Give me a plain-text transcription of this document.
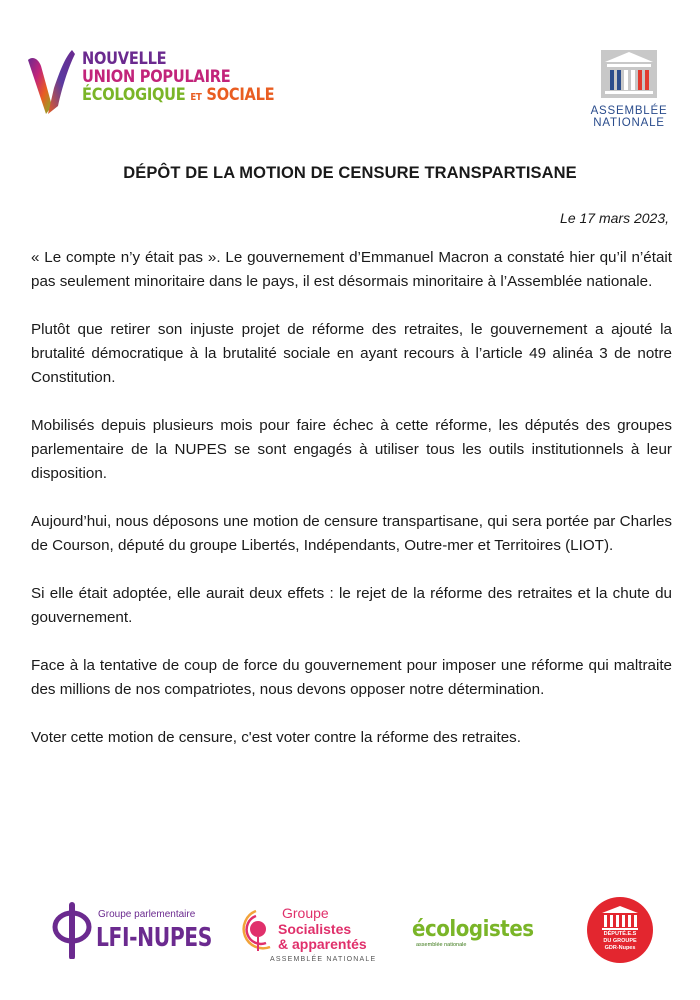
NOUVELLE
UNION POPULAIRE
ÉCOLOGIQUE ET SOCIALE
ASSEMBLÉE
NATIONALE
DÉPÔT DE LA MOTION DE CENSURE TRANSPARTISANE
Le 17 mars 2023,

« Le compte n’y était pas ». Le gouvernement d’Emmanuel Macron a constaté hier qu’il n’était pas seulement minoritaire dans le pays, il est désormais minoritaire à l’Assemblée nationale.

Plutôt que retirer son injuste projet de réforme des retraites, le gouvernement a ajouté la brutalité démocratique à la brutalité sociale en ayant recours à l’article 49 alinéa 3 de notre Constitution.

Mobilisés depuis plusieurs mois pour faire échec à cette réforme, les députés des groupes parlementaire de la NUPES se sont engagés à utiliser tous les outils institutionnels à leur disposition.

Aujourd’hui, nous déposons une motion de censure transpartisane, qui sera portée par Charles de Courson, député du groupe Libertés, Indépendants, Outre-mer et Territoires (LIOT).

Si elle était adoptée, elle aurait deux effets : le rejet de la réforme des retraites et la chute du gouvernement.

Face à la tentative de coup de force du gouvernement pour imposer une réforme qui maltraite des millions de nos compatriotes, nous devons opposer notre détermination.

Voter cette motion de censure, c'est voter contre la réforme des retraites.

Groupe parlementaire
LFI-NUPES
Groupe
Socialistes
& apparentés
ASSEMBLÉE NATIONALE
écologistes
assemblée nationale
DÉPUTÉ.E.S
DU GROUPE
GDR-Nupes
